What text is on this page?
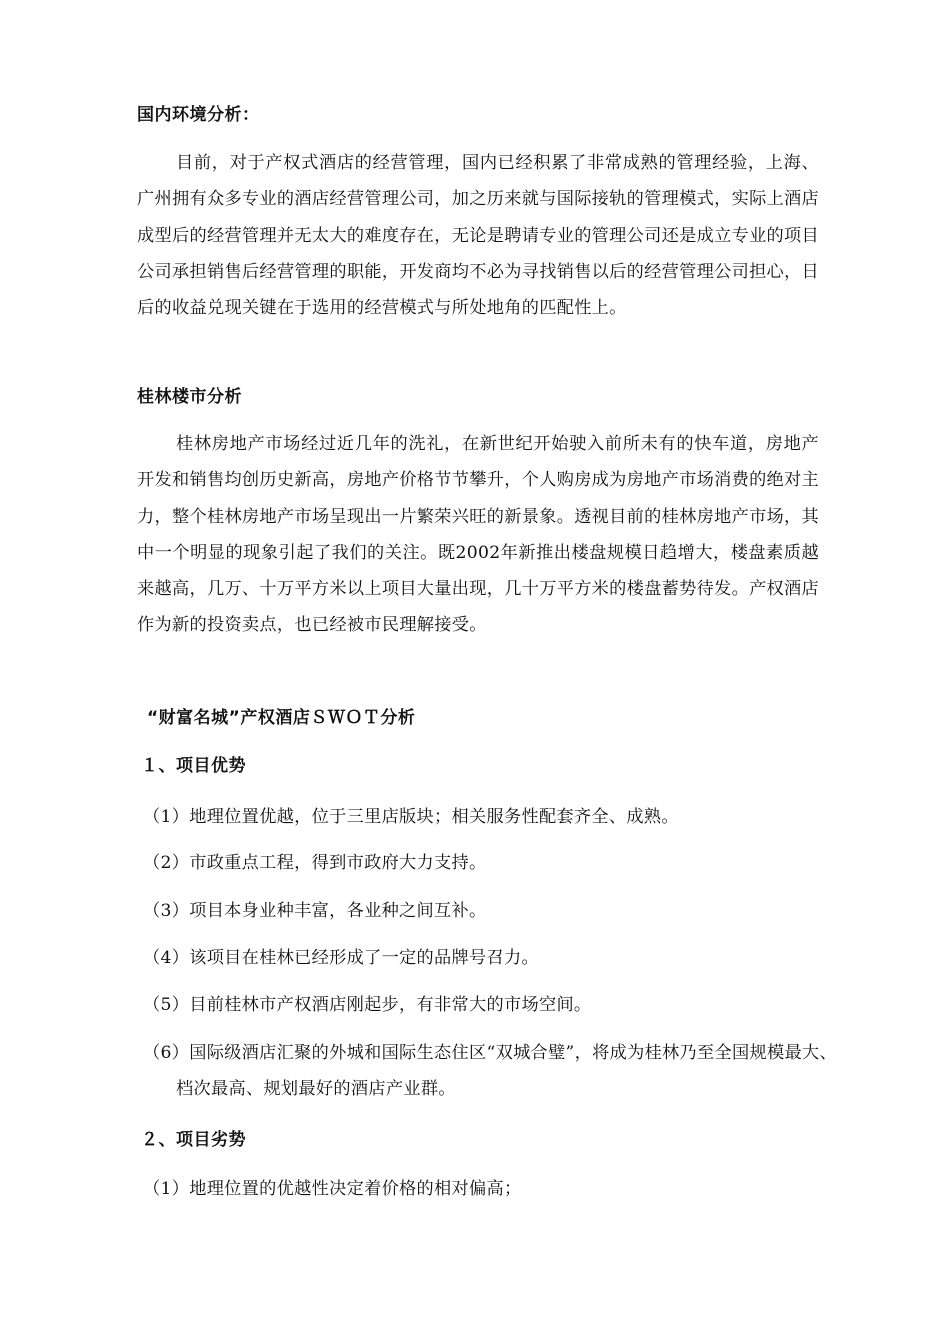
国内环境分析：
目前，对于产权式酒店的经营管理，国内已经积累了非常成熟的管理经验，上海、广州拥有众多专业的酒店经营管理公司，加之历来就与国际接轨的管理模式，实际上酒店成型后的经营管理并无太大的难度存在，无论是聘请专业的管理公司还是成立专业的项目公司承担销售后经营管理的职能，开发商均不必为寻找销售以后的经营管理公司担心，日后的收益兑现关键在于选用的经营模式与所处地角的匹配性上。
桂林楼市分析
桂林房地产市场经过近几年的洗礼，在新世纪开始驶入前所未有的快车道，房地产开发和销售均创历史新高，房地产价格节节攀升，个人购房成为房地产市场消费的绝对主力，整个桂林房地产市场呈现出一片繁荣兴旺的新景象。透视目前的桂林房地产市场，其中一个明显的现象引起了我们的关注。既2002年新推出楼盘规模日趋增大，楼盘素质越来越高，几万、十万平方米以上项目大量出现，几十万平方米的楼盘蓄势待发。产权酒店作为新的投资卖点，也已经被市民理解接受。
“财富名城”产权酒店ＳＷＯＴ分析
１、项目优势
（1）地理位置优越，位于三里店版块；相关服务性配套齐全、成熟。
（2）市政重点工程，得到市政府大力支持。
（3）项目本身业种丰富，各业种之间互补。
（4）该项目在桂林已经形成了一定的品牌号召力。
（5）目前桂林市产权酒店刚起步，有非常大的市场空间。
（6）国际级酒店汇聚的外城和国际生态住区“双城合璧”，将成为桂林乃至全国规模最大、档次最高、规划最好的酒店产业群。
２、项目劣势
（1）地理位置的优越性决定着价格的相对偏高；
